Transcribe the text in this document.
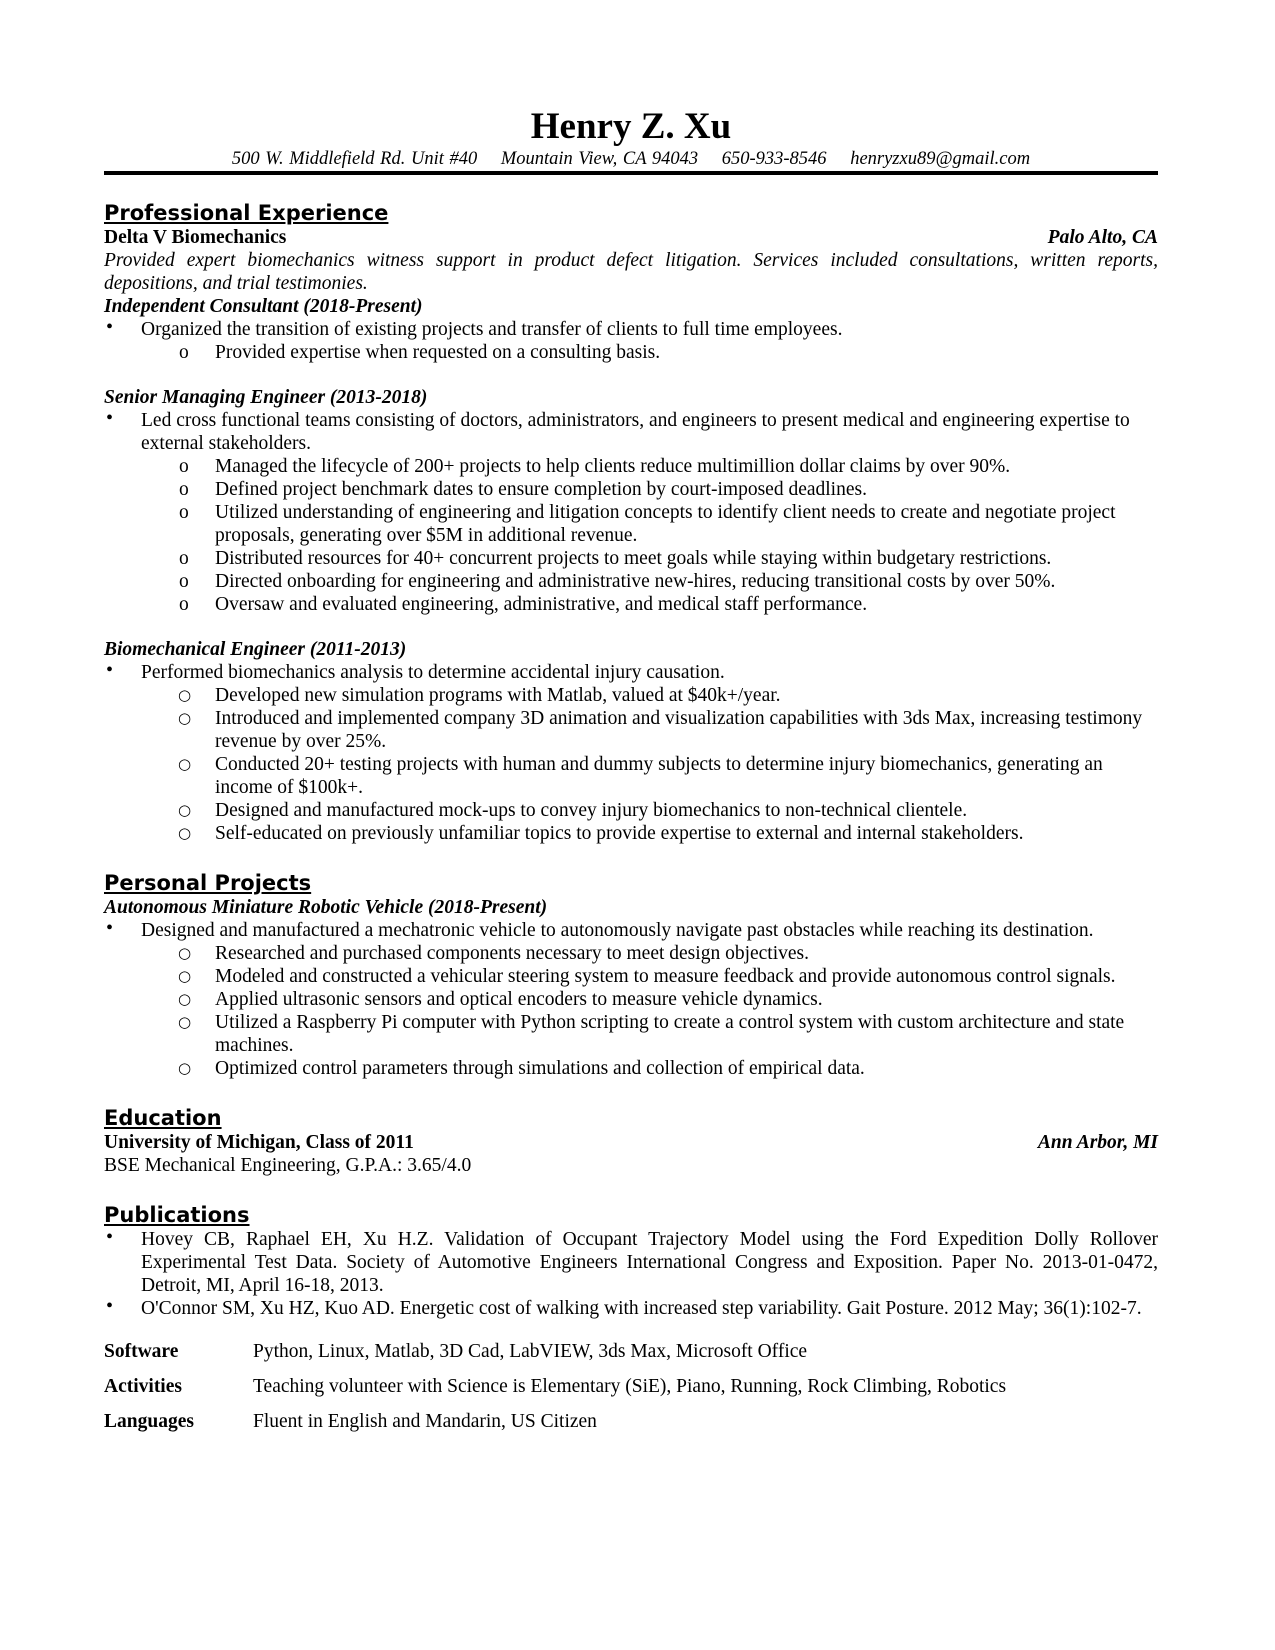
Henry Z. Xu
500 W. Middlefield Rd. Unit #40 Mountain View, CA 94043 650-933-8546 henryzxu89@gmail.com
Professional Experience
Delta V Biomechanics	Palo Alto, CA
Provided expert biomechanics witness support in product defect litigation. Services included consultations, written reports, depositions, and trial testimonies.
Independent Consultant (2018-Present)
• Organized the transition of existing projects and transfer of clients to full time employees.
o Provided expertise when requested on a consulting basis.
Senior Managing Engineer (2013-2018)
• Led cross functional teams consisting of doctors, administrators, and engineers to present medical and engineering expertise to external stakeholders.
o Managed the lifecycle of 200+ projects to help clients reduce multimillion dollar claims by over 90%.
o Defined project benchmark dates to ensure completion by court-imposed deadlines.
o Utilized understanding of engineering and litigation concepts to identify client needs to create and negotiate project proposals, generating over $5M in additional revenue.
o Distributed resources for 40+ concurrent projects to meet goals while staying within budgetary restrictions.
o Directed onboarding for engineering and administrative new-hires, reducing transitional costs by over 50%.
o Oversaw and evaluated engineering, administrative, and medical staff performance.
Biomechanical Engineer (2011-2013)
• Performed biomechanics analysis to determine accidental injury causation.
○ Developed new simulation programs with Matlab, valued at $40k+/year.
○ Introduced and implemented company 3D animation and visualization capabilities with 3ds Max, increasing testimony revenue by over 25%.
○ Conducted 20+ testing projects with human and dummy subjects to determine injury biomechanics, generating an income of $100k+.
○ Designed and manufactured mock-ups to convey injury biomechanics to non-technical clientele.
○ Self-educated on previously unfamiliar topics to provide expertise to external and internal stakeholders.
Personal Projects
Autonomous Miniature Robotic Vehicle (2018-Present)
• Designed and manufactured a mechatronic vehicle to autonomously navigate past obstacles while reaching its destination.
○ Researched and purchased components necessary to meet design objectives.
○ Modeled and constructed a vehicular steering system to measure feedback and provide autonomous control signals.
○ Applied ultrasonic sensors and optical encoders to measure vehicle dynamics.
○ Utilized a Raspberry Pi computer with Python scripting to create a control system with custom architecture and state machines.
○ Optimized control parameters through simulations and collection of empirical data.
Education
University of Michigan, Class of 2011	Ann Arbor, MI
BSE Mechanical Engineering, G.P.A.: 3.65/4.0
Publications
• Hovey CB, Raphael EH, Xu H.Z. Validation of Occupant Trajectory Model using the Ford Expedition Dolly Rollover Experimental Test Data. Society of Automotive Engineers International Congress and Exposition. Paper No. 2013-01-0472, Detroit, MI, April 16-18, 2013.
• O'Connor SM, Xu HZ, Kuo AD. Energetic cost of walking with increased step variability. Gait Posture. 2012 May; 36(1):102-7.
Software	Python, Linux, Matlab, 3D Cad, LabVIEW, 3ds Max, Microsoft Office
Activities	Teaching volunteer with Science is Elementary (SiE), Piano, Running, Rock Climbing, Robotics
Languages	Fluent in English and Mandarin, US Citizen
